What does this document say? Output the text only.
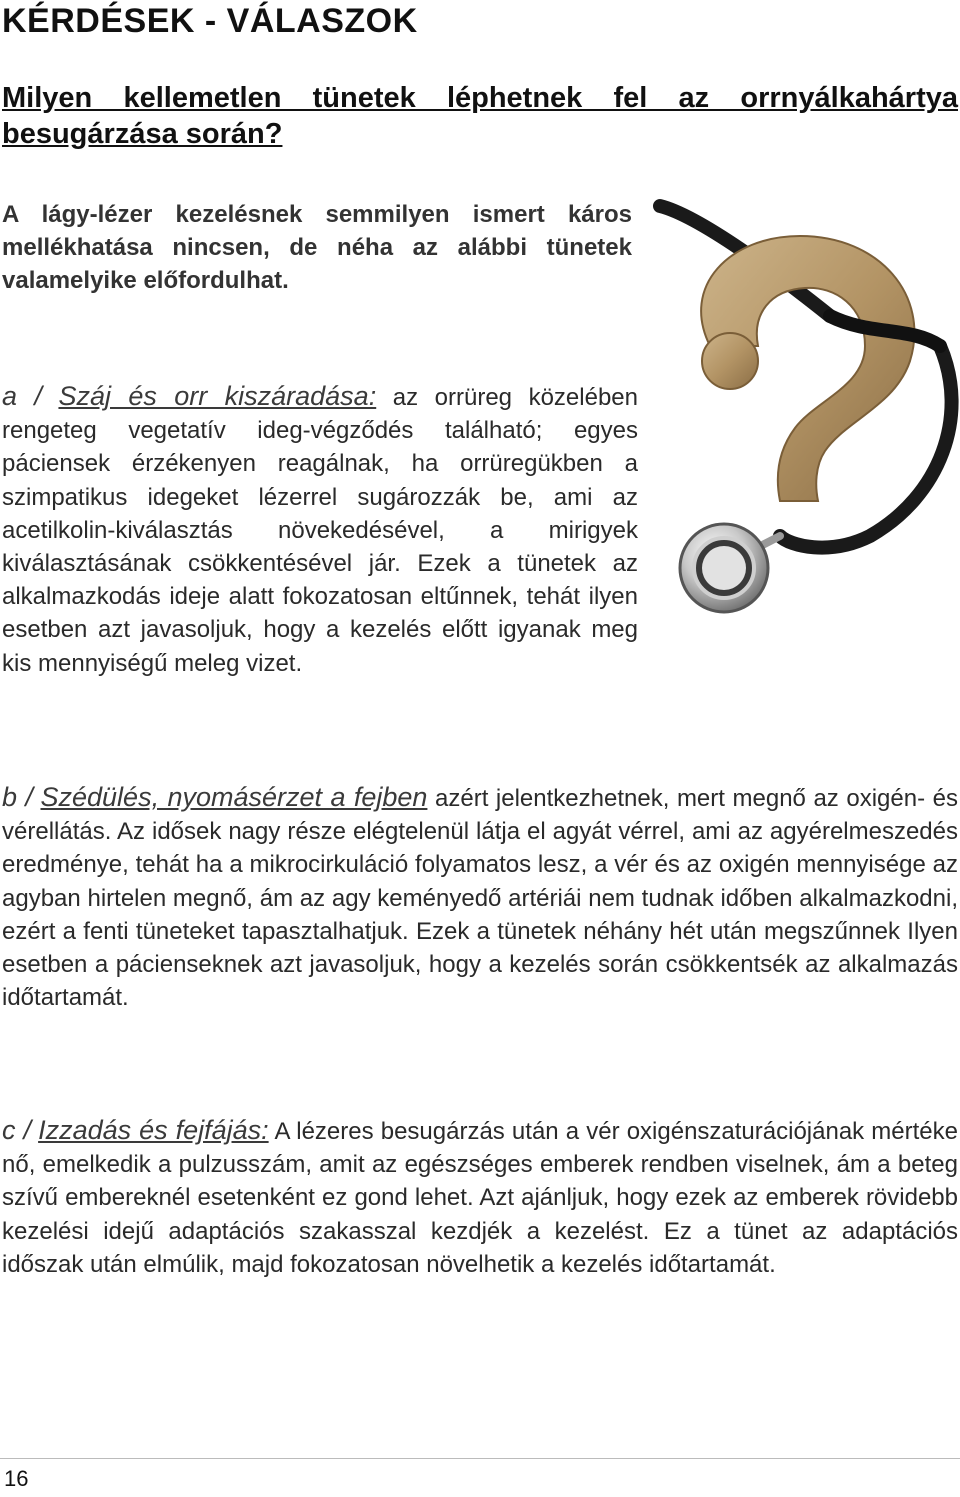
KÉRDÉSEK - VÁLASZOK

Milyen kellemetlen tünetek léphetnek fel az orrnyálkahártya besugárzása során?

A lágy-lézer kezelésnek semmilyen ismert káros mellékhatása nincsen, de néha az alábbi tünetek valamelyike előfordulhat.

a / Száj és orr kiszáradása: az orrüreg közelében rengeteg vegetatív ideg-végződés található; egyes páciensek érzékenyen reagálnak, ha orrüregükben a szimpatikus idegeket lézerrel sugározzák be, ami az acetilkolin-kiválasztás növekedésével, a mirigyek kiválasztásának csökkentésével jár. Ezek a tünetek az alkalmazkodás ideje alatt fokozatosan eltűnnek, tehát ilyen esetben azt javasoljuk, hogy a kezelés előtt igyanak meg kis mennyiségű meleg vizet.

b / Szédülés, nyomásérzet a fejben azért jelentkezhetnek, mert megnő az oxigén- és vérellátás. Az idősek nagy része elégtelenül látja el agyát vérrel, ami az agyérelmeszedés eredménye, tehát ha a mikrocirkuláció folyamatos lesz, a vér és az oxigén mennyisége az agyban hirtelen megnő, ám az agy keményedő artériái nem tudnak időben alkalmazkodni, ezért a fenti tüneteket tapasztalhatjuk. Ezek a tünetek néhány hét után megszűnnek Ilyen esetben a pácienseknek azt javasoljuk, hogy a kezelés során csökkentsék az alkalmazás időtartamát.

c / Izzadás és fejfájás: A lézeres besugárzás után a vér oxigénszaturációjának mértéke nő, emelkedik a pulzusszám, amit az egészséges emberek rendben viselnek, ám a beteg szívű embereknél esetenként ez gond lehet. Azt ajánljuk, hogy ezek az emberek rövidebb kezelési idejű adaptációs szakasszal kezdjék a kezelést. Ez a tünet az adaptációs időszak után elmúlik, majd fokozatosan növelhetik a kezelés időtartamát.

16
